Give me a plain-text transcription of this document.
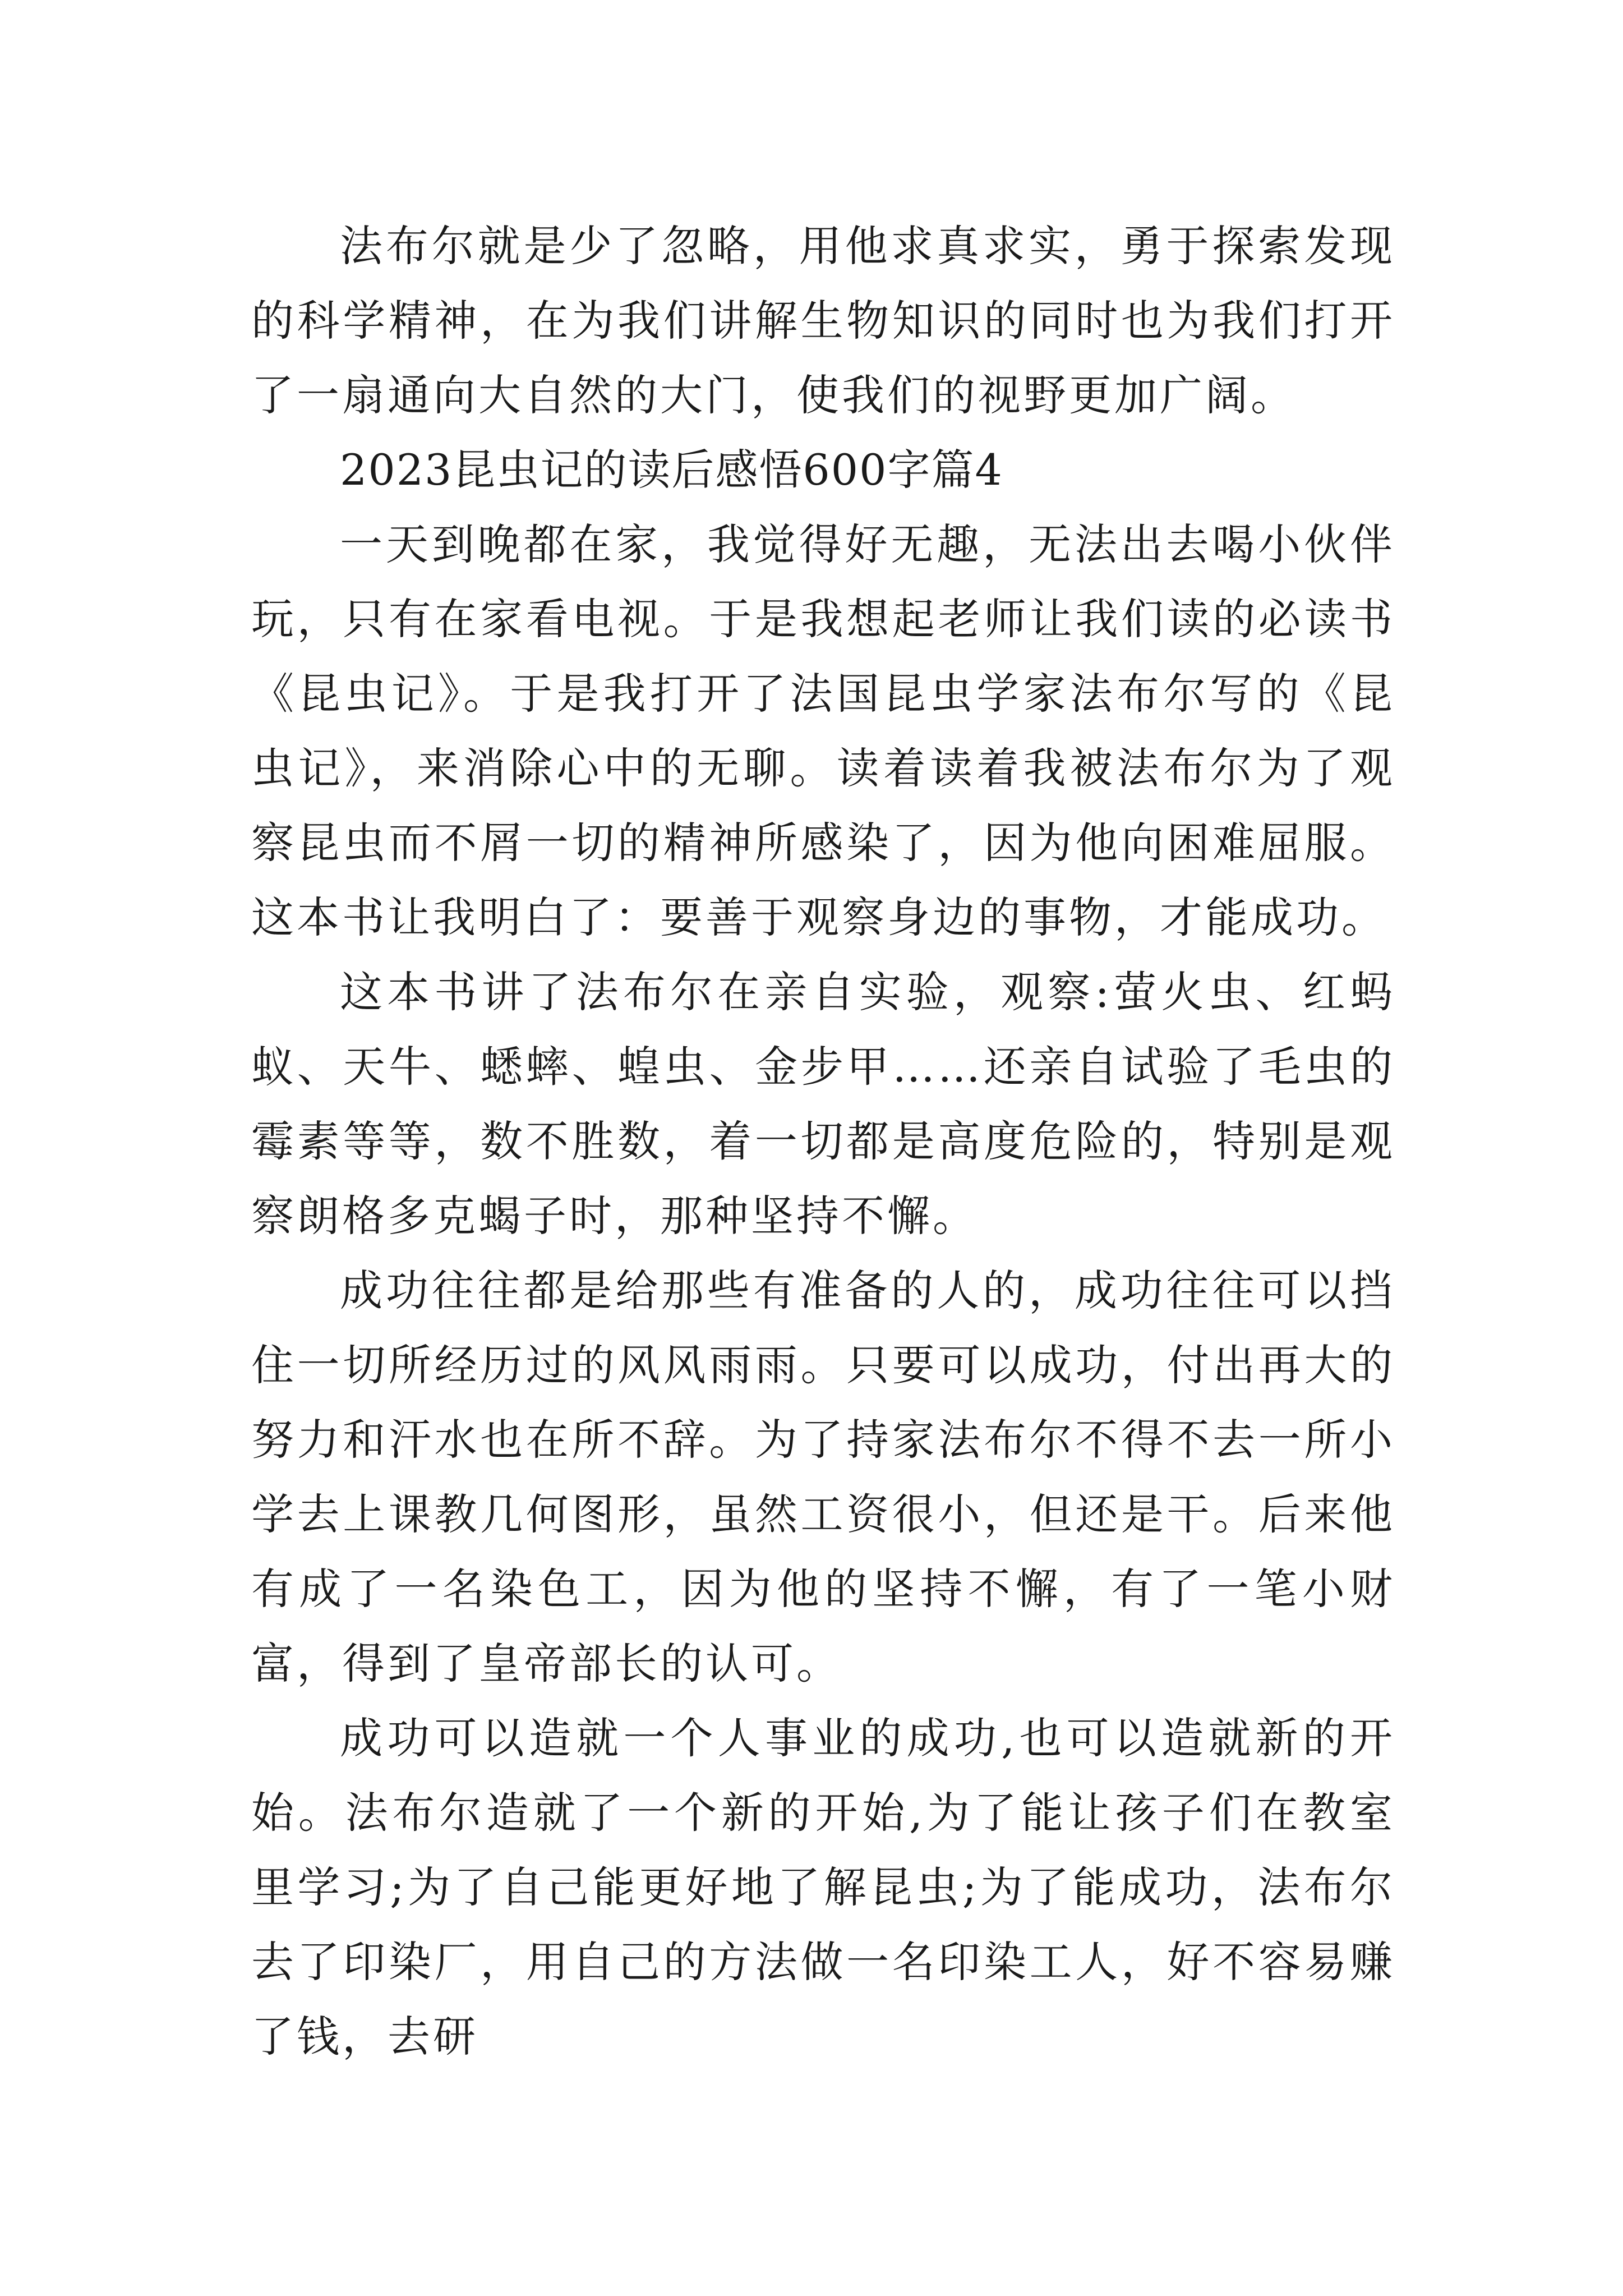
法布尔就是少了忽略，用他求真求实，勇于探索发现的科学精神，在为我们讲解生物知识的同时也为我们打开了一扇通向大自然的大门，使我们的视野更加广阔。

2023昆虫记的读后感悟600字篇4

一天到晚都在家，我觉得好无趣，无法出去喝小伙伴玩，只有在家看电视。于是我想起老师让我们读的必读书《昆虫记》。于是我打开了法国昆虫学家法布尔写的《昆虫记》，来消除心中的无聊。读着读着我被法布尔为了观察昆虫而不屑一切的精神所感染了，因为他向困难屈服。这本书让我明白了：要善于观察身边的事物，才能成功。

这本书讲了法布尔在亲自实验，观察:萤火虫、红蚂蚁、天牛、蟋蟀、蝗虫、金步甲……还亲自试验了毛虫的霉素等等，数不胜数，着一切都是高度危险的，特别是观察朗格多克蝎子时，那种坚持不懈。

成功往往都是给那些有准备的人的，成功往往可以挡住一切所经历过的风风雨雨。只要可以成功，付出再大的努力和汗水也在所不辞。为了持家法布尔不得不去一所小学去上课教几何图形，虽然工资很小，但还是干。后来他有成了一名染色工，因为他的坚持不懈，有了一笔小财富，得到了皇帝部长的认可。

成功可以造就一个人事业的成功,也可以造就新的开始。法布尔造就了一个新的开始,为了能让孩子们在教室里学习;为了自己能更好地了解昆虫;为了能成功，法布尔去了印染厂，用自己的方法做一名印染工人，好不容易赚了钱，去研
